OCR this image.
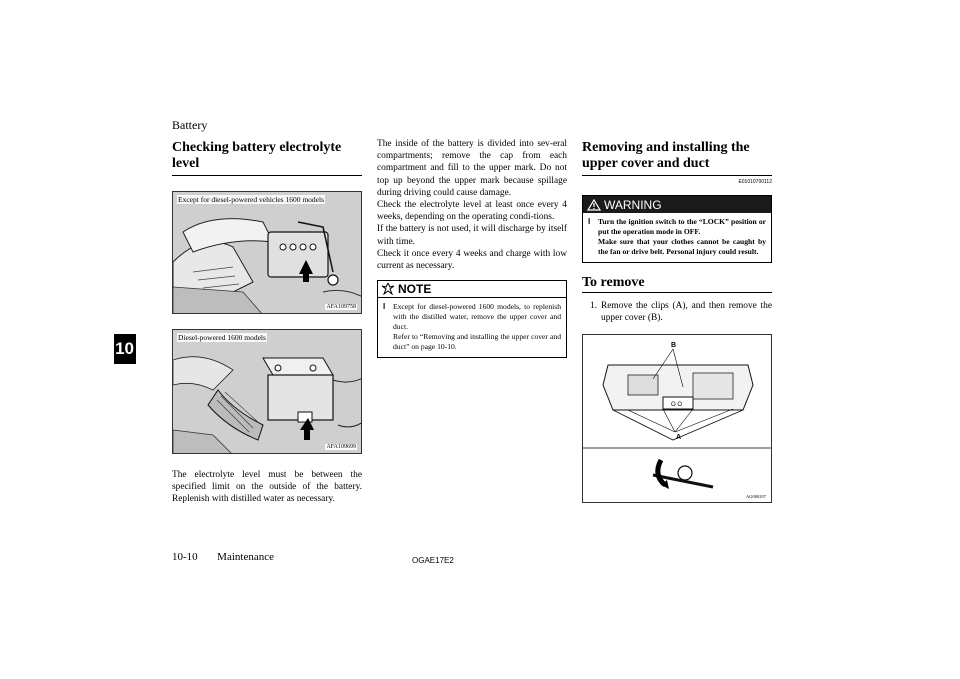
Battery
10
Checking battery electrolyte level
Except for diesel-powered vehicles 1600 models
AFA109758
Diesel-powered 1600 models
AFA109699

The electrolyte level must be between the specified limit on the outside of the battery. Replenish with distilled water as necessary.

The inside of the battery is divided into sev-eral compartments; remove the cap from each compartment and fill to the upper mark. Do not top up beyond the upper mark because spillage during driving could cause damage.

Check the electrolyte level at least once every 4 weeks, depending on the operating condi-tions.

If the battery is not used, it will discharge by itself with time.

Check it once every 4 weeks and charge with low current as necessary.

NOTE
l	Except for diesel-powered 1600 models, to replenish with the distilled water, remove the upper cover and duct.
Refer to “Removing and installing the upper cover and duct” on page 10-10.
Removing and installing the upper cover and duct
E01010700112
WARNING
l	Turn the ignition switch to the “LOCK” position or put the operation mode in OFF.
Make sure that your clothes cannot be caught by the fan or drive belt. Personal injury could result.
To remove
1. Remove the clips (A), and then remove the upper cover (B).
O O
B
A
AG000297
10-10 Maintenance	OGAE17E2
